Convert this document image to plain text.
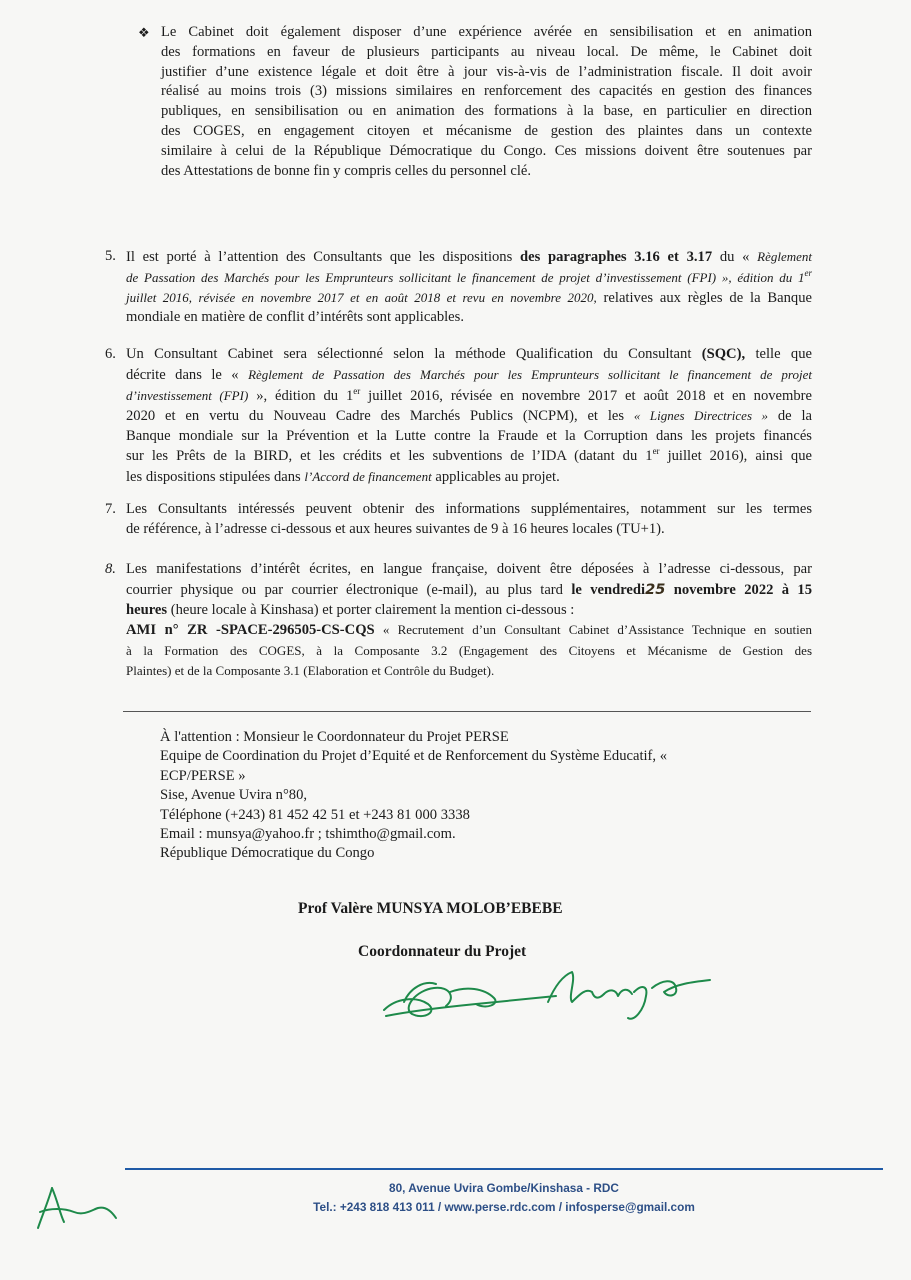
❖ Le Cabinet doit également disposer d’une expérience avérée en sensibilisation et en animation
des formations en faveur de plusieurs participants au niveau local. De même, le Cabinet doit
justifier d’une existence légale et doit être à jour vis-à-vis de l’administration fiscale. Il doit avoir
réalisé au moins trois (3) missions similaires en renforcement des capacités en gestion des finances
publiques, en sensibilisation ou en animation des formations à la base, en particulier en direction
des COGES, en engagement citoyen et mécanisme de gestion des plaintes dans un contexte
similaire à celui de la République Démocratique du Congo. Ces missions doivent être soutenues par
des Attestations de bonne fin y compris celles du personnel clé.
5. Il est porté à l’attention des Consultants que les dispositions des paragraphes 3.16 et 3.17 du « Règlement
de Passation des Marchés pour les Emprunteurs sollicitant le financement de projet d’investissement (FPI) », édition du 1er
juillet 2016, révisée en novembre 2017 et en août 2018 et revu en novembre 2020, relatives aux règles de la Banque
mondiale en matière de conflit d’intérêts sont applicables.
6. Un Consultant Cabinet sera sélectionné selon la méthode Qualification du Consultant (SQC), telle que
décrite dans le « Règlement de Passation des Marchés pour les Emprunteurs sollicitant le financement de projet
d’investissement (FPI) », édition du 1er juillet 2016, révisée en novembre 2017 et août 2018 et en novembre
2020 et en vertu du Nouveau Cadre des Marchés Publics (NCPM), et les « Lignes Directrices » de la
Banque mondiale sur la Prévention et la Lutte contre la Fraude et la Corruption dans les projets financés
sur les Prêts de la BIRD, et les crédits et les subventions de l’IDA (datant du 1er juillet 2016), ainsi que
les dispositions stipulées dans l’Accord de financement applicables au projet.
7. Les Consultants intéressés peuvent obtenir des informations supplémentaires, notamment sur les termes
de référence, à l’adresse ci-dessous et aux heures suivantes de 9 à 16 heures locales (TU+1).
8. Les manifestations d’intérêt écrites, en langue française, doivent être déposées à l’adresse ci-dessous, par
courrier physique ou par courrier électronique (e-mail), au plus tard le vendredi25 novembre 2022 à 15
heures (heure locale à Kinshasa) et porter clairement la mention ci-dessous :
AMI n° ZR -SPACE-296505-CS-CQS « Recrutement d’un Consultant Cabinet d’Assistance Technique en soutien
à la Formation des COGES, à la Composante 3.2 (Engagement des Citoyens et Mécanisme de Gestion des
Plaintes) et de la Composante 3.1 (Elaboration et Contrôle du Budget).
À l'attention : Monsieur le Coordonnateur du Projet PERSE
Equipe de Coordination du Projet d’Equité et de Renforcement du Système Educatif, «
ECP/PERSE »
Sise, Avenue Uvira n°80,
Téléphone (+243) 81 452 42 51 et +243 81 000 3338
Email : munsya@yahoo.fr ; tshimtho@gmail.com.
République Démocratique du Congo
Prof Valère MUNSYA MOLOB’EBEBE
Coordonnateur du Projet
80, Avenue Uvira Gombe/Kinshasa - RDC
Tel.: +243 818 413 011 / www.perse.rdc.com / infosperse@gmail.com
